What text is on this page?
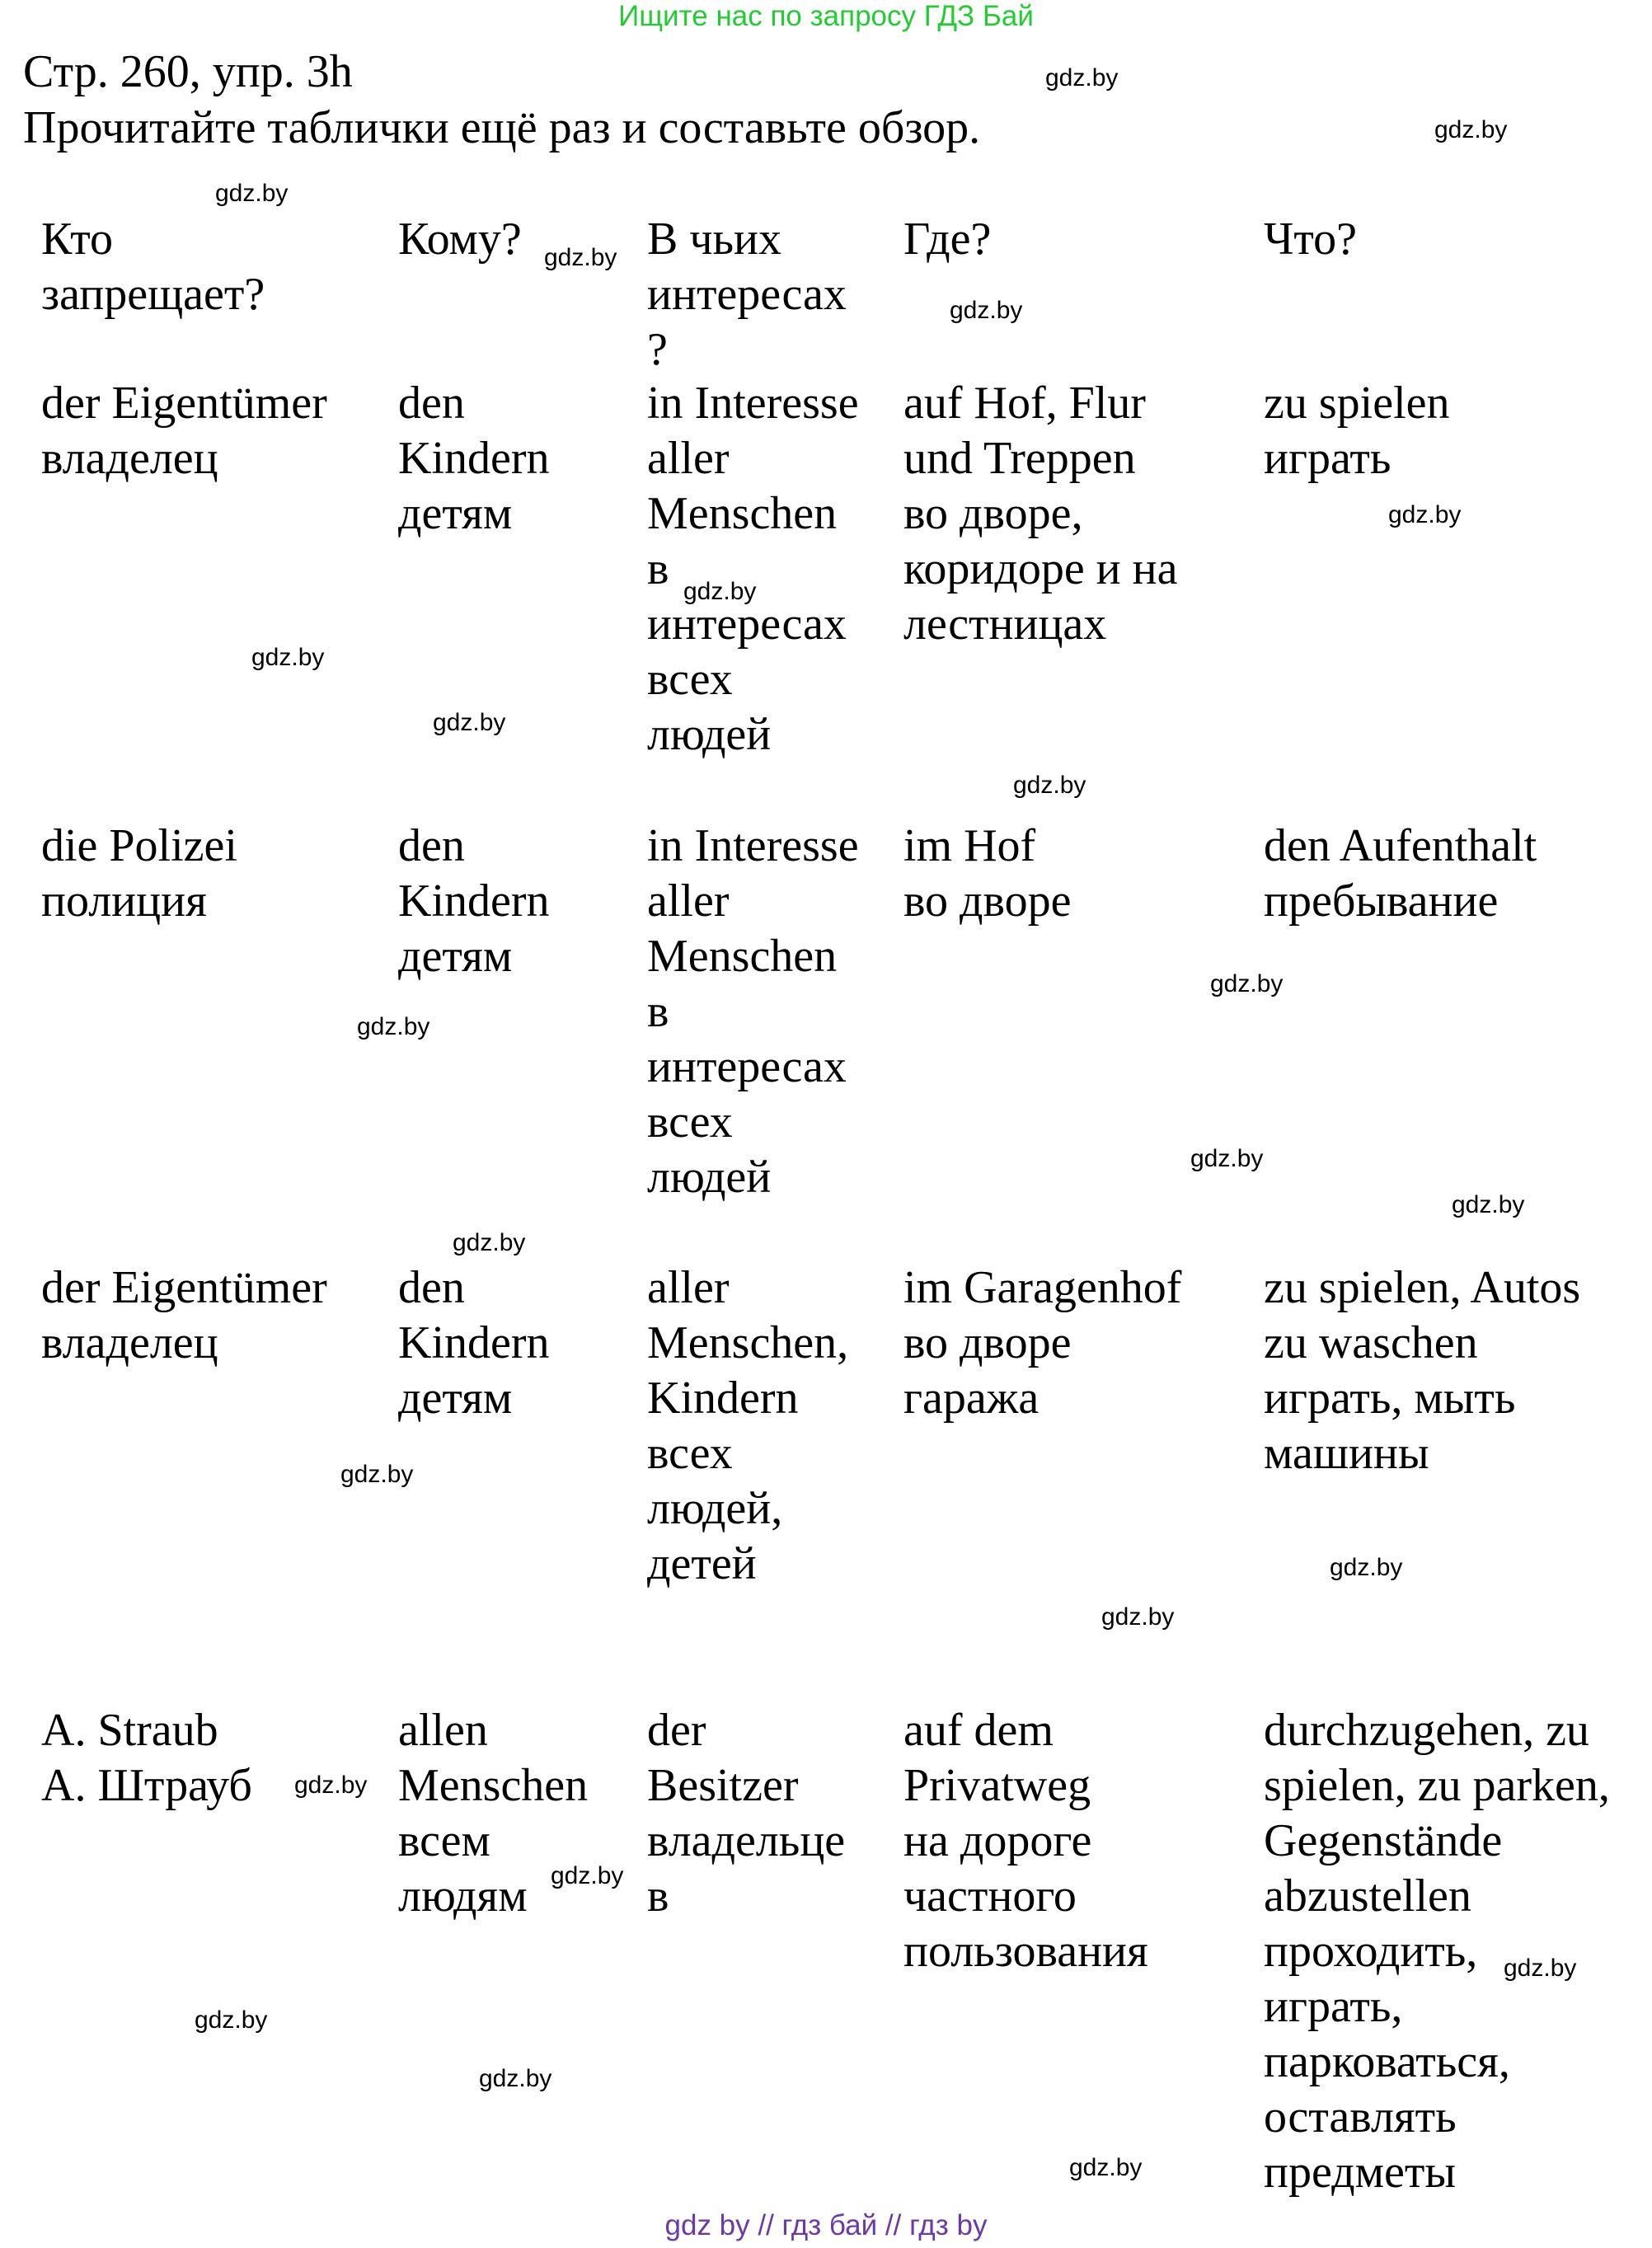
Ищите нас по запросу ГДЗ Бай
Стр. 260, упр. 3h
Прочитайте таблички ещё раз и составьте обзор.
Кто
запрещает?
Кому?	В чьих
интересах
?
Где?	Что?
der Eigentümer
владелец
den
Kindern
детям
in Interesse
aller
Menschen
в
интересах
всех
людей
auf Hof, Flur
und Treppen
во дворе,
коридоре и на
лестницах
zu spielen
играть
die Polizei
полиция
den
Kindern
детям
in Interesse
aller
Menschen
в
интересах
всех
людей
im Hof
во дворе
den Aufenthalt
пребывание
der Eigentümer
владелец
den
Kindern
детям
aller
Menschen,
Kindern
всех
людей,
детей
im Garagenhof
во дворе
гаража
zu spielen, Autos
zu waschen
играть, мыть
машины
A. Straub
А. Штрауб
allen
Menschen
всем
людям
der
Besitzer
владельце
в
auf dem
Privatweg
на дороге
частного
пользования
durchzugehen, zu
spielen, zu parken,
Gegenstände
abzustellen
проходить,
играть,
парковаться,
оставлять
предметы
gdz.by
gdz.by
gdz.by
gdz.by
gdz.by
gdz.by
gdz.by
gdz.by
gdz.by
gdz.by
gdz.by
gdz.by
gdz.by
gdz.by
gdz.by
gdz.by
gdz.by
gdz.by
gdz.by
gdz.by
gdz.by
gdz.by
gdz.by
gdz.by
gdz by // гдз бай // гдз by
